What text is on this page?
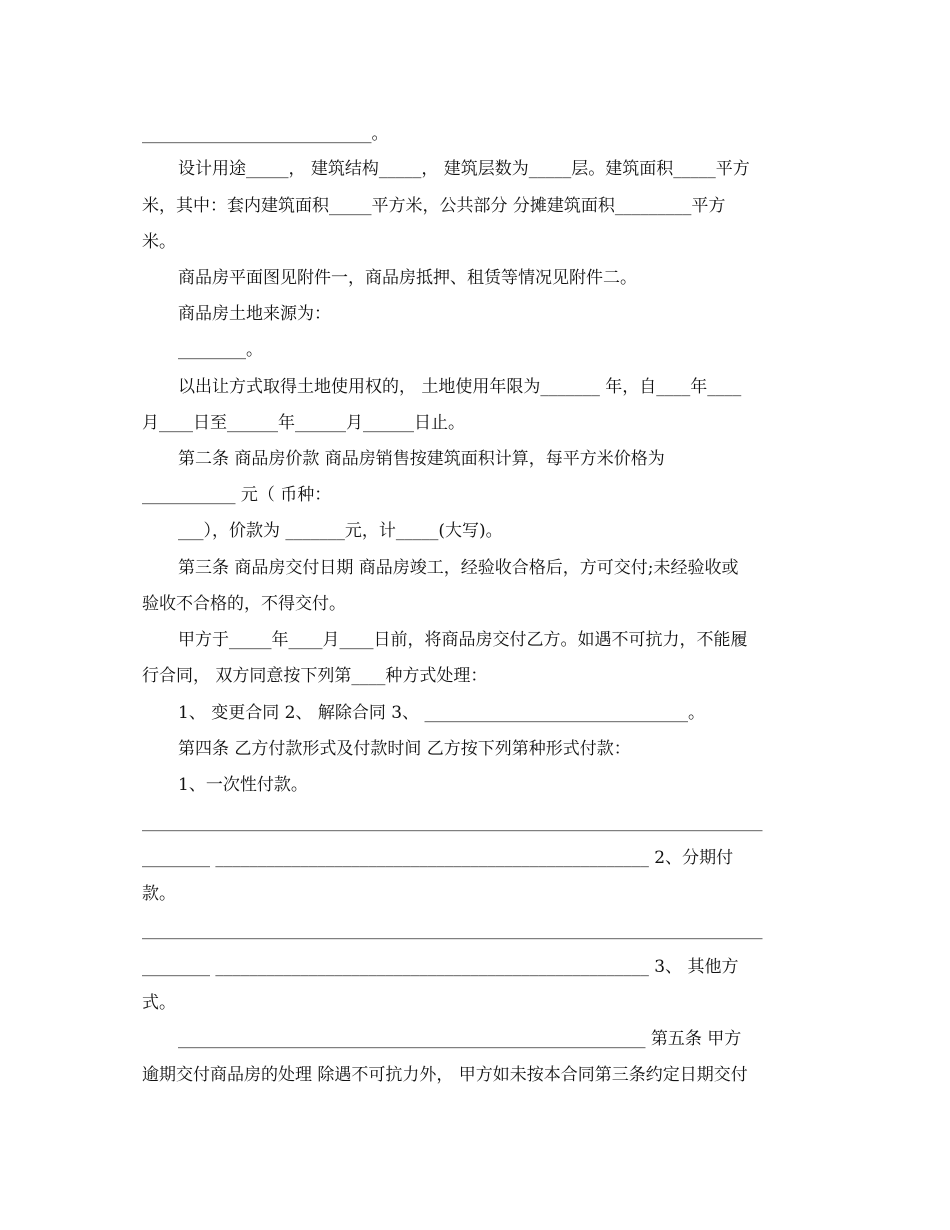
___________________________。
设计用途_____， 建筑结构_____， 建筑层数为_____层。建筑面积_____平方
米，其中：套内建筑面积_____平方米，公共部分 分摊建筑面积_________平方
米。
商品房平面图见附件一，商品房抵押、租赁等情况见附件二。
商品房土地来源为：
________。
以出让方式取得土地使用权的， 土地使用年限为_______ 年，自____年____
月____日至______年______月______日止。
第二条 商品房价款 商品房销售按建筑面积计算，每平方米价格为
___________ 元（ 币种：
___），价款为 _______元，计_____(大写)。
第三条 商品房交付日期 商品房竣工，经验收合格后，方可交付;未经验收或
验收不合格的，不得交付。
甲方于_____年____月____日前，将商品房交付乙方。如遇不可抗力，不能履
行合同， 双方同意按下列第____种方式处理：
1、 变更合同 2、 解除合同 3、 _______________________________。
第四条 乙方付款形式及付款时间 乙方按下列第种形式付款：
1、一次性付款。
_________________________________________________________________________
________ ___________________________________________________ 2、分期付
款。
_________________________________________________________________________
________ ___________________________________________________ 3、 其他方
式。
_______________________________________________________ 第五条 甲方
逾期交付商品房的处理 除遇不可抗力外， 甲方如未按本合同第三条约定日期交付
